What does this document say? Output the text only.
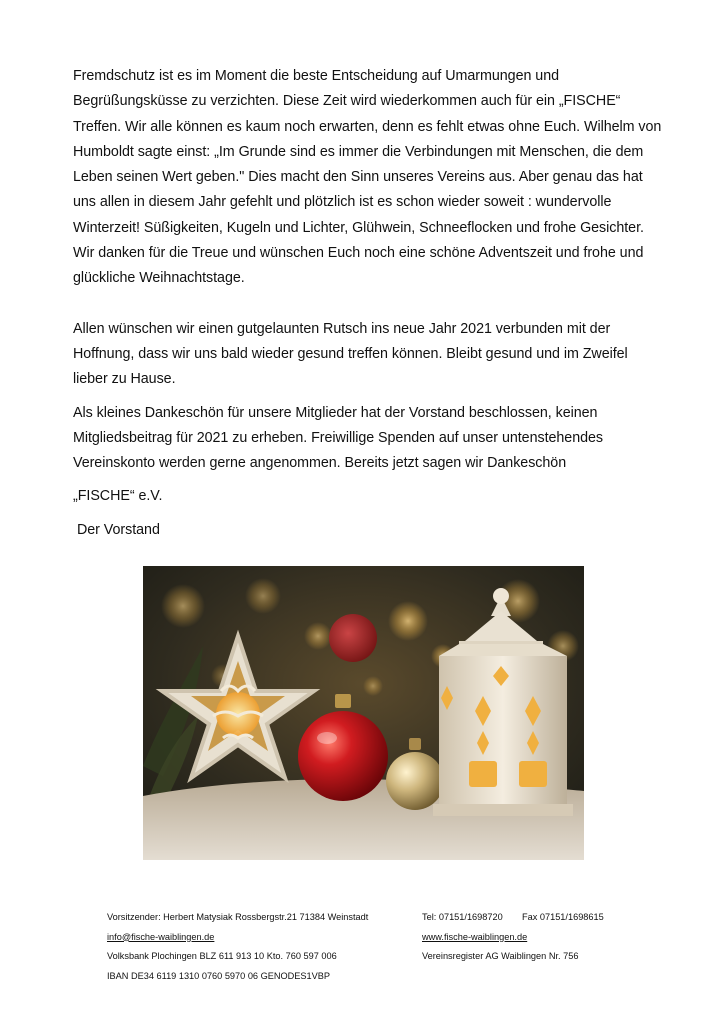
Fremdschutz ist es im Moment die beste Entscheidung auf Umarmungen und Begrüßungsküsse zu verzichten. Diese Zeit wird wiederkommen auch für ein „FISCHE“ Treffen. Wir alle können es kaum noch erwarten, denn es fehlt etwas ohne Euch. Wilhelm von Humboldt sagte einst: „Im Grunde sind es immer die Verbindungen mit Menschen, die dem Leben seinen Wert geben." Dies macht den Sinn unseres Vereins aus. Aber genau das hat uns allen in diesem Jahr gefehlt und plötzlich ist es schon wieder soweit : wundervolle Winterzeit! Süßigkeiten, Kugeln und Lichter, Glühwein, Schneeflocken und frohe Gesichter. Wir danken für die Treue und wünschen Euch noch eine schöne Adventszeit und frohe und glückliche Weihnachtstage.

Allen wünschen wir einen gutgelaunten Rutsch ins neue Jahr 2021 verbunden mit der Hoffnung, dass wir uns bald wieder gesund treffen können. Bleibt gesund und im Zweifel lieber zu Hause.

Als kleines Dankeschön für unsere Mitglieder hat der Vorstand beschlossen, keinen Mitgliedsbeitrag für 2021 zu erheben. Freiwillige Spenden auf unser untenstehendes Vereinskonto werden gerne angenommen. Bereits jetzt sagen wir Dankeschön

„FISCHE“ e.V.

Der Vorstand

Vorsitzender: Herbert Matysiak Rossbergstr.21 71384 Weinstadt	Tel: 07151/1698720 Fax 07151/1698615
info@fische-waiblingen.de	www.fische-waiblingen.de
Volksbank Plochingen BLZ 611 913 10 Kto. 760 597 006	Vereinsregister AG Waiblingen Nr. 756
IBAN DE34 6119 1310 0760 5970 06 GENODES1VBP
